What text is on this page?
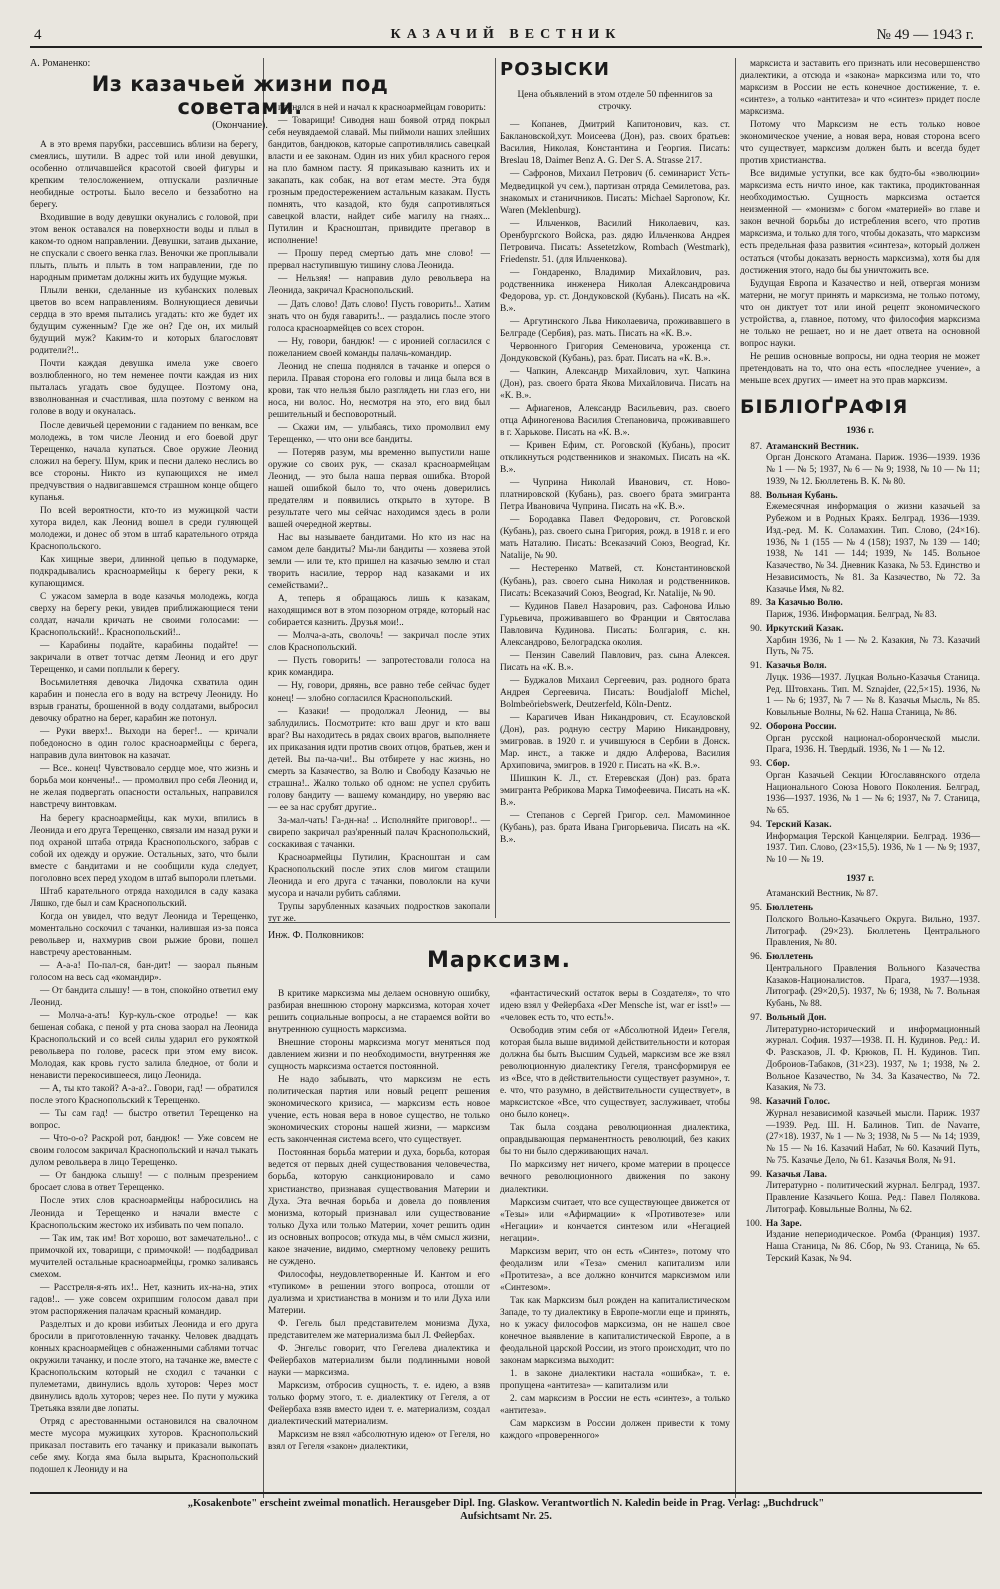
4	КАЗАЧИЙ ВЕСТНИК	№ 49 — 1943 г.
А. Романенко:
Из казачьей жизни под советами.
(Окончание).

А в это время парубки, рассевшись вблизи на берегу, смеялись, шутили. В адрес той или иной девушки, особенно отличавшейся красотой своей фигуры и крепким телосложением, отпускали различные необидные остроты. Было весело и беззаботно на берегу.

Входившие в воду девушки окунались с головой, при этом венок оставался на поверхности воды и плыл в каком-то одном направлении. Девушки, затаив дыхание, не спускали с своего венка глаз. Веночки же проплывали плыть, плыть и плыть в том направлении, где по народным приметам должны жить их будущие мужья.

Плыли венки, сделанные из кубанских полевых цветов во всем направлениям. Волнующиеся девичьи сердца в это время пытались угадать: кто же будет их будущим суженным? Где же он? Где он, их милый будущий муж? Каким-то и которых благословят родители?!..

Почти каждая девушка имела уже своего возлюбленного, но тем неменее почти каждая из них пыталась угадать свое будущее. Поэтому она, взволнованная и счастливая, шла поэтому с венком на голове в воду и окуналась.

После девичьей церемонии с гаданием по венкам, все молодежь, в том числе Леонид и его боевой друг Терещенко, начала купаться. Свое оружие Леонид сложил на берегу. Шум, крик и песни далеко неслись во все стороны. Никто из купающихся не имел предчувствия о надвигавшемся страшном конце общего купанья.

По всей вероятности, кто-то из мужицкой части хутора видел, как Леонид вошел в среди гуляющей молодежи, и донес об этом в штаб карательного отряда Краснопольского.

Как хищные звери, длинной цепью в подумарке, подкрадывались красноармейцы к берегу реки, к купающимся.

С ужасом замерла в воде казачья молодежь, когда сверху на берегу реки, увидев приближающиеся тени солдат, начали кричать не своими голосами: — Краснопольский!.. Краснопольский!..

— Карабины подайте, карабины подайте! — закричали в ответ тотчас детям Леонид и его друг Терещенко, и сами поплыли к берегу.

Восьмилетняя девочка Лидочка схватила один карабин и понесла его в воду на встречу Леониду. Но взрыв гранаты, брошенной в воду солдатами, выбросил девочку обратно на берег, карабин же потонул.

— Руки вверх!.. Выходи на берег!.. — кричали победоносно в один голос красноармейцы с берега, направив дула винтовок на казачат.

— Все.. конец! Чувствовало сердце мое, что жизнь и борьба мои кончены!.. — промолвил про себя Леонид и, не желая подвергать опасности остальных, направился навстречу винтовкам.

На берегу красноармейцы, как мухи, впились в Леонида и его друга Терещенко, связали им назад руки и под охраной штаба отряда Краснопольского, забрав с собой их одежду и оружие. Остальных, зато, что были вместе с бандитами и не сообщили куда следует, поголовно всех перед уходом в штаб выпороли плетьми.

Штаб карательного отряда находился в саду казака Ляшко, где был и сам Краснопольский.

Когда он увидел, что ведут Леонида и Терещенко, моментально соскочил с тачанки, налившая из-за пояса револьвер и, нахмурив свои рыжие брови, пошел навстречу арестованным.

— А-а-а! По-пал-ся, бан-дит! — заорал пьяным голосом на весь сад «командир».

— От бандита слышу! — в тон, спокойно ответил ему Леонид.

— Молча-а-ать! Кур-куль-ское отродье! — как бешеная собака, с пеной у рта снова заорал на Леонида Краснопольский и со всей силы ударил его рукояткой револьвера по голове, расеск при этом ему висок. Молодая, как кровь густо залила бледное, от боли и ненависти перекосившееся, лицо Леонида.

— А, ты кто такой? А-а-а?.. Говори, гад! — обратился после этого Краснопольский к Терещенко.

— Ты сам гад! — быстро ответил Терещенко на вопрос.

— Что-о-о? Раскрой рот, бандюк! — Уже совсем не своим голосом закричал Краснопольский и начал тыкать дулом револьвера в лицо Терещенко.

— От бандюка слышу! — с полным презрением бросает слова в ответ Терещенко.

После этих слов красноармейцы набросились на Леонида и Терещенко и начали вместе с Краснопольским жестоко их избивать по чем попало.

— Так им, так им! Вот хорошо, вот замечательно!.. с примочкой их, товарищи, с примочкой! — подбадривал мучителей остальные красноармейцы, громко заливаясь смехом.

— Расстреля-я-ять их!.. Нет, казнить их-на-на, этих гадов!.. — уже совсем охрипшим голосом давал при этом распоряжения палачам красный командир.

Разделтых и до крови избитых Леонида и его друга бросили в приготовленную тачанку. Человек двадцать конных красноармейцев с обнаженными саблями тотчас окружили тачанку, и после этого, на тачанке же, вместе с Краснопольским который не сходил с тачанки с пулеметами, двинулись вдоль хуторов: Через мост двинулись вдоль хуторов; через нее. По пути у мужика Третьяка взяли две лопаты.

Отряд с арестованными остановился на свалочном месте мусора мужицких хуторов. Краснопольский приказал поставить его тачанку и приказали выкопать себе яму. Когда яма была вырыта, Краснопольский подошел к Леониду и на

поднялся в ней и начал к красноармейцам говорить:

— Товарищи! Сиводня наш боявой отряд покрыл себя неувядаемой славай. Мы пиймоли наших злейших бандитов, бандюков, каторые сапротивлялись савецкай власти и ее законам. Один из них убил красного героя на пло бамном пасту. Я приказываю казнить их и закапать, как собак, на вот етам месте. Эта будя грозным предостережением астальным казакам. Пусть помнять, что казадой, кто будя сапротивляться савецкой власти, найдет сибе магилу на гнаях... Путилин и Красноштан, привидите прегавор в исполнение!

— Прошу перед смертью дать мне слово! — прервал наступившую тишину слова Леонида.

— Нельзяя! — направив дуло револьвера на Леонида, закричал Краснопольский.

— Дать слово! Дать слово! Пусть говорить!.. Хатим знать что он будя гаварить!.. — раздались после этого голоса красноармейцев со всех сторон.

— Ну, говори, бандюк! — с иронией согласился с пожеланием своей команды палачь-командир.

Леонид не спеша поднялся в тачанке и оперся о перила. Правая сторона его головы и лица была вся в крови, так что нельзя было разглядеть ни глаз его, ни носа, ни волос. Но, несмотря на это, его вид был решительный и бесповоротный.

— Скажи им, — улыбаясь, тихо промолвил ему Терещенко, — что они все бандиты.

— Потеряв разум, мы временно выпустили наше оружие со своих рук, — сказал красноармейцам Леонид, — это была наша первая ошибка. Второй нашей ошибкой было то, что очень доверились предателям и появились открыто в хуторе. В результате чего мы сейчас находимся здесь в роли вашей очередной жертвы.

Нас вы называете бандитами. Но кто из нас на самом деле бандиты? Мы-ли бандиты — хозяева этой земли — или те, кто пришел на казачью землю и стал творить насилие, террор над казаками и их семействами?..

А, теперь я обращаюсь лишь к казакам, находящимся вот в этом позорном отряде, который нас собирается казнить. Друзья мои!..

— Молча-а-ать, сволочь! — закричал после этих слов Краснопольский.

— Пусть говорить! — запротестовали голоса на крик командира.

— Ну, говори, дряянь, все равно тебе сейчас будет конец! — злобно согласился Краснопольский.

— Казаки! — продолжал Леонид, — вы заблудились. Посмотрите: кто ваш друг и кто ваш враг? Вы находитесь в рядах своих врагов, выполняете их приказания идти против своих отцов, братьев, жен и детей. Вы па-ча-чи!.. Вы отбирете у нас жизнь, но смерть за Казачество, за Волю и Свободу Казачью не страшна!.. Жалко только об одном: не успел срубить голову бандиту — вашему командиру, но уверяю вас — ее за нас срубят другие..

За-мал-чать! Га-дн-на! .. Исполняйте приговор!.. — свирепо закричал раз'яренный палач Краснопольский, соскакивая с тачанки.

Красноармейцы Путилин, Красноштан и сам Краснопольский после этих слов мигом стащили Леонида и его друга с тачанки, поволокли на кучи мусора и начали рубить саблями.

Трупы зарубленных казачьих подростков закопали тут же.

РОЗЫСКИ
Цена объявлений в этом отделе 50 пфеннигов за строчку.

— Копанев, Дмитрий Капитонович, каз. ст. Баклановской,хут. Моисеева (Дон), раз. своих братьев: Василия, Николая, Константина и Георгия. Писать: Breslau 18, Daimer Benz A. G. Der S. A. Strasse 217.

— Сафронов, Михаил Петрович (б. семинарист Усть-Медведицкой уч сем.), партизан отряда Семилетова, раз. знакомых и станичников. Писать: Michael Sapronow, Kr. Waren (Meklenburg).

— Ильченков, Василий Николаевич, каз. Оренбургского Войска, раз. дядю Ильченкова Андрея Петровича. Писать: Assetetzkow, Rombach (Westmark), Friedenstr. 51. (для Ильченкова).

— Гондаренко, Владимир Михайлович, раз. родственника инженера Николая Александровича Федорова, ур. ст. Дондуковской (Кубань). Писать на «К. В.».

— Аргутинского Льва Николаевича, проживавшего в Белграде (Сербия), раз. мать. Писать на «К. В.».

Червонного Григория Семеновича, уроженца ст. Дондуковской (Кубань), раз. брат. Писать на «К. В.».

— Чапкин, Александр Михайлович, хут. Чапкина (Дон), раз. своего брата Якова Михайловича. Писать на «К. В.».

— Афиагенов, Александр Васильевич, раз. своего отца Афиногенова Василия Степановича, проживавшего в г. Харькове. Писать на «К. В.».

— Кривен Ефим, ст. Роговской (Кубань), просит откликнуться родственников и знакомых. Писать на «К. В.».

— Чуприна Николай Иванович, ст. Ново-платнировской (Кубань), раз. своего брата эмигранта Петра Ивановича Чуприна. Писать на «К. В.».

— Бородавка Павел Федорович, ст. Роговской (Кубань), раз. своего сына Григория, рожд. в 1918 г. и его мать Наталию. Писать: Всеказачий Союз, Beograd, Kr. Natalije, № 90.

— Нестеренко Матвей, ст. Константиновской (Кубань), раз. своего сына Николая и родственников. Писать: Всеказачий Союз, Beograd, Kr. Natalije, № 90.

— Кудинов Павел Назарович, раз. Сафонова Илью Гурьевича, проживавшего во Франции и Святослава Павловича Кудинова. Писать: Болгария, с. кн. Александрово, Белоградска околия.

— Пензин Савелий Павлович, раз. сына Алексея. Писать на «К. В.».

— Буджалов Михаил Сергеевич, раз. родного брата Андрея Сергеевича. Писать: Boudjaloff Michel, Bolmbeöriebswerk, Deutzerfeld, Köln-Dentz.

— Карагичев Иван Никандрович, ст. Есауловской (Дон), раз. родную сестру Марию Никандровну, эмигровав. в 1920 г. и учившуюся в Сербии в Донск. Мар. инст., а также и дядю Алферова, Василия Архиповича, эмигров. в 1920 г. Писать на «К. В.».

Шишкин К. Л., ст. Етеревская (Дон) раз. брата эмигранта Ребрикова Марка Тимофеевича. Писать на «К. В.».

— Степанов с Сергей Григор. сел. Мамоминное (Кубань), раз. брата Ивана Григорьевича. Писать на «К. В.».

марксиста и заставить его признать или несовершенство диалектики, а отсюда и «закона» марксизма или то, что марксизм в России не есть конечное достижение, т. е. «синтез», а только «антитеза» и что «синтез» придет после марксизма.

Потому что Марксизм не есть только новое экономическое учение, а новая вера, новая сторона всего что существует, марксизм должен быть и всегда будет против христианства.

Все видимые уступки, все как будто-бы «эволюции» марксизма есть ничто иное, как тактика, продиктованная необходимостью. Сущность марксизма остается неизменной — «монизм» с богом «материей» во главе и закон вечной борьбы до истребления всего, что против марксизма, и только для того, чтобы доказать, что марксизм есть предельная фаза развития «синтеза», который должен остаться (чтобы доказать верность марксизма), хотя бы для достижения этого, надо бы бы уничтожить все.

Будущая Европа и Казачество и ней, отвергая монизм матерни, не могут принять и марксизма, не только потому, что он диктует тот или иной рецепт экономического устройства, а, главное, потому, что философия марксизма не только не решает, но и не дает ответа на основной вопрос науки.

Не решив основные вопросы, ни одна теория не может претендовать на то, что она есть «последнее учение», а меньше всех других — имеет на это прав марксизм.

БІБЛІОҐРАФІЯ
1936 г.
87. Атаманский Вестник.
Орган Донского Атамана. Париж. 1936—1939. 1936 № 1 — № 5; 1937, № 6 — № 9; 1938, № 10 — № 11; 1939, № 12. Бюллетень В. К. № 80.
88. Вольная Кубань.
Ежемесячная информация о жизни казачьей за Рубежом и в Родных Краях. Белград. 1936—1939. Изд.-ред. М. К. Соламахин. Тип. Слово, (24×16). 1936, № 1 (155 — № 4 (158); 1937, № 139 — 140; 1938, № 141 — 144; 1939, № 145. Вольное Казачество, № 34. Дневник Казака, № 53. Единство и Независимость, № 81. За Казачество, № 72. За Казачье Имя, № 82.
89. За Казачью Волю.
Париж, 1936. Информация. Белград, № 83.
90. Иркутский Казак.
Харбин 1936, № 1 — № 2. Казакия, № 73. Казачий Путь, № 75.
91. Казачья Воля.
Луцк. 1936—1937. Луцкая Вольно-Казачья Станица. Ред. Штовхань. Тип. M. Sznajder, (22,5×15). 1936, № 1 — № 6; 1937, № 7 — № 8. Казачья Мысль, № 85. Ковыльные Волны, № 62. Наша Станица, № 86.
92. Оборона России.
Орган русской национал-оборонческой мысли. Прага, 1936. Н. Твердый. 1936, № 1 — № 12.
93. Сбор.
Орган Казачьей Секции Югославянского отдела Национального Союза Нового Поколения. Белград, 1936—1937. 1936, № 1 — № 6; 1937, № 7. Станица, № 65.
94. Терский Казак.
Информация Терской Канцелярии. Белград. 1936—1937. Тип. Слово, (23×15,5). 1936, № 1 — № 9; 1937, № 10 — № 19.
1937 г.
Атаманский Вестник, № 87.
95. Бюллетень
Полского Вольно-Казачьего Округа. Вильно, 1937. Литограф. (29×23). Бюллетень Центрального Правления, № 80.
96. Бюллетень
Центрального Правления Вольного Казачества Казаков-Националистов. Прага, 1937—1938. Литограф. (29×20,5). 1937, № 6; 1938, № 7. Вольная Кубань, № 88.
97. Вольный Дон.
Литературно-исторический и информационный журнал. София. 1937—1938. П. Н. Кудинов. Ред.: И. Ф. Разсказов, Л. Ф. Крюков, П. Н. Кудинов. Тип. Доброиов-Табаков, (31×23). 1937, № 1; 1938, № 2. Вольное Казачество, № 34. За Казачество, № 72. Казакия, № 73.
98. Казачий Голос.
Журнал независимой казачьей мысли. Париж. 1937—1939. Ред. Ш. Н. Балинов. Тип. de Navarre, (27×18). 1937, № 1 — № 3; 1938, № 5 — № 14; 1939, № 15 — № 16. Казачий Набат, № 60. Казачий Путь, № 75. Казачье Дело, № 61. Казачья Воля, № 91.
99. Казачья Лава.
Литературно - политический журнал. Белград, 1937. Правление Казачьего Коша. Ред.: Павел Полякова. Литограф. Ковыльные Волны, № 62.
100. На Заре.
Издание непериодическое. Ромба (Франция) 1937. Наша Станица, № 86. Сбор, № 93. Станица, № 65. Терский Казак, № 94.
Инж. Ф. Полковников:
Марксизм.

В критике марксизма мы делаем основную ошибку, разбирая внешнюю сторону марксизма, которая хочет решить социальные вопросы, а не стараемся войти во внутреннюю сущность марксизма.

Внешние стороны марксизма могут меняться под давлением жизни и по необходимости, внутренняя же сущность марксизма остается постоянной.

Не надо забывать, что марксизм не есть политическая партия или новый рецепт решения экономического кризиса, — марксизм есть новое учение, есть новая вера в новое существо, не только экономических стороны нашей жизни, — марксизм есть законченная система всего, что существует.

Постоянная борьба материи и духа, борьба, которая ведется от первых дней существования человечества, борьба, которую санкционировало и само христианство, признавая существования Материи и Духа. Эта вечная борьба и довела до появления монизма, который признавал или существование только Духа или только Материи, хочет решить один из основных вопросов; откуда мы, в чём смысл жизни, какое значение, видимо, смертному человеку решить не суждено.

Философы, неудовлетворенные И. Кантом и его «тупиком» в решении этого вопроса, отошли от дуализма и христианства в монизм и то или Духа или Материи.

Ф. Гегель был представителем монизма Духа, представителем же материализма был Л. Фейербах.

Ф. Энгельс говорит, что Гегелева диалектика и Фейербахов материализм были подлинными новой науки — марксизма.

Марксизм, отбросив сущность, т. е. идею, а взяв только форму этого, т. е. диалектику от Гегеля, а от Фейербаха взяв вместо идеи т. е. материализм, создал диалектический материализм.

Марксизм не взял «абсолютную идею» от Гегеля, но взял от Гегеля «закон» диалектики,

«фантастический остаток веры в Создателя», то что идею взял у Фейербаха «Der Mensche ist, war er isst!» — «человек есть то, что есть!».

Освободив этим себя от «Абсолютной Идеи» Гегеля, которая была выше видимой действительности и которая должна бы быть Высшим Судьей, марксизм все же взял революционную диалектику Гегеля, трансформируя ее из «Все, что в действительности существует разумно», т. е. что, что разумно, в действительности существует», в марксистское «Все, что существует, заслуживает, чтобы оно было конец».

Так была создана революционная диалектика, оправдывающая перманентность революций, без каких бы то ни было сдерживающих начал.

По марксизму нет ничего, кроме материи в процессе вечного революционного движения по закону диалектики.

Марксизм считает, что все существующее движется от «Тезы» или «Афирмации» к «Противотезе» или «Негации» и кончается синтезом или «Негацией негации».

Марксизм верит, что он есть «Синтез», потому что феодализм или «Теза» сменил капитализм или «Протитеза», а все должно кончится марксизмом или «Синтезом».

Так как Марксизм был рожден на капиталистическом Западе, то ту диалектику в Европе-могли еще и принять, но к ужасу философов марксизма, он не нашел свое конечное выявление в капиталистической Европе, а в феодальной царской России, из этого происходит, что по законам марксизма выходит:

1. в законе диалектики настала «ошибка», т. е. пропущена «антитеза» — капитализм или

2. сам марксизм в России не есть «синтез», а только «антитеза».

Сам марксизм в России должен привести к тому каждого «проверенного»

„Kosakenbote" erscheint zweimal monatlich. Herausgeber Dipl. Ing. Glaskow. Verantwortlich N. Kaledin beide in Prag. Verlag: „Buchdruck"
Aufsichtsamt Nr. 25.
